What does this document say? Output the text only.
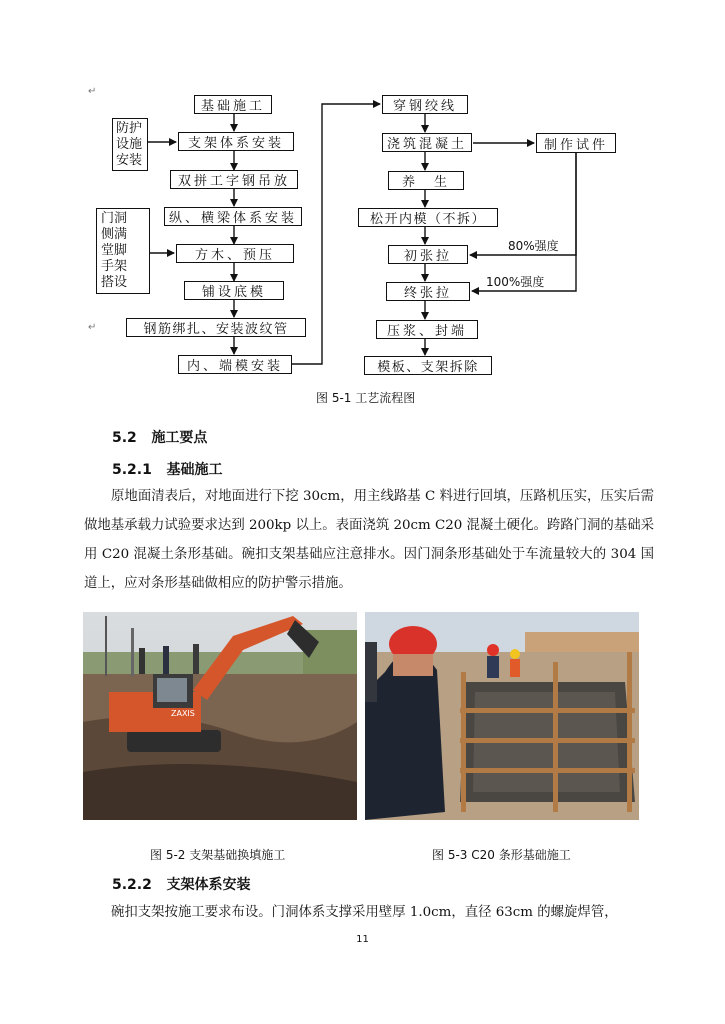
↵
↵
基础施工
支架体系安装
双拼工字钢吊放
纵、横梁体系安装
方木、预压
铺设底模
钢筋绑扎、安装波纹管
内、端模安装
防护
设施
安装
门洞
侧满
堂脚
手架
搭设
穿钢绞线
浇筑混凝土
养　生
松开内模（不拆）
初张拉
终张拉
压浆、封端
模板、支架拆除
制作试件
80%强度
100%强度
图 5-1 工艺流程图
5.2 施工要点
5.2.1 基础施工

原地面清表后，对地面进行下挖 30cm，用主线路基 C 料进行回填，压路机压实，压实后需做地基承载力试验要求达到 200kp 以上。表面浇筑 20cm C20 混凝土硬化。跨路门洞的基础采用 C20 混凝土条形基础。碗扣支架基础应注意排水。因门洞条形基础处于车流量较大的 304 国道上，应对条形基础做相应的防护警示措施。

ZAXIS
图 5-2 支架基础换填施工	图 5-3 C20 条形基础施工
5.2.2 支架体系安装

碗扣支架按施工要求布设。门洞体系支撑采用壁厚 1.0cm，直径 63cm 的螺旋焊管，

11
